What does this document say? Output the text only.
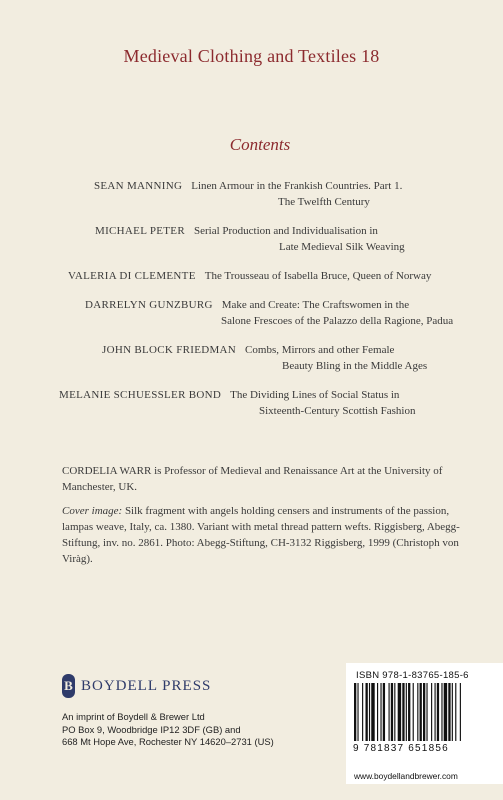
Medieval Clothing and Textiles 18
Contents
SEAN MANNING Linen Armour in the Frankish Countries. Part 1.
The Twelfth Century
MICHAEL PETER Serial Production and Individualisation in
Late Medieval Silk Weaving
VALERIA DI CLEMENTE The Trousseau of Isabella Bruce, Queen of Norway
DARRELYN GUNZBURG Make and Create: The Craftswomen in the
Salone Frescoes of the Palazzo della Ragione, Padua
JOHN BLOCK FRIEDMAN Combs, Mirrors and other Female
Beauty Bling in the Middle Ages
MELANIE SCHUESSLER BOND The Dividing Lines of Social Status in
Sixteenth-Century Scottish Fashion

CORDELIA WARR is Professor of Medieval and Renaissance Art at the University of Manchester, UK.

Cover image: Silk fragment with angels holding censers and instruments of the passion, lampas weave, Italy, ca. 1380. Variant with metal thread pattern wefts. Riggisberg, Abegg-Stiftung, inv. no. 2861. Photo: Abegg-Stiftung, CH-3132 Riggisberg, 1999 (Christoph von Viràg).

B BOYDELL PRESS
An imprint of Boydell & Brewer Ltd
PO Box 9, Woodbridge IP12 3DF (GB) and
668 Mt Hope Ave, Rochester NY 14620–2731 (US)
ISBN 978-1-83765-185-6
9 781837 651856
www.boydellandbrewer.com
